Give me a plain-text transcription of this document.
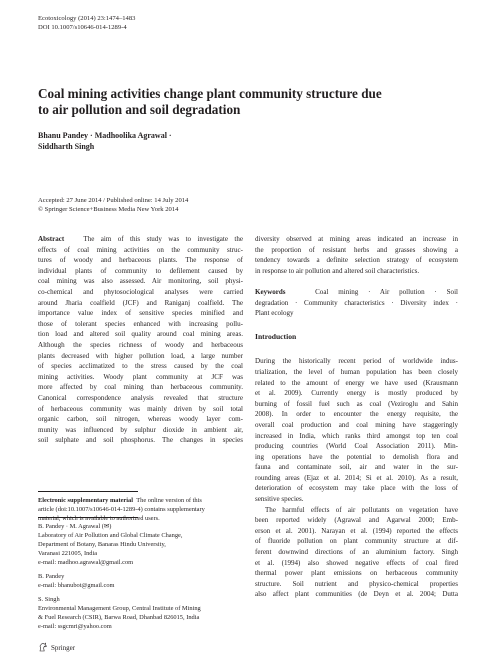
Ecotoxicology (2014) 23:1474–1483
DOI 10.1007/s10646-014-1289-4
Coal mining activities change plant community structure due
to air pollution and soil degradation
Bhanu Pandey · Madhoolika Agrawal ·
Siddharth Singh
Accepted: 27 June 2014 / Published online: 14 July 2014
© Springer Science+Business Media New York 2014
Abstract	The aim of this study was to investigate the
effects of coal mining activities on the community struc-
tures of woody and herbaceous plants. The response of
individual plants of community to defilement caused by
coal mining was also assessed. Air monitoring, soil physi-
co-chemical and phytosociological analyses were carried
around Jharia coalfield (JCF) and Raniganj coalfield. The
importance value index of sensitive species minified and
those of tolerant species enhanced with increasing pollu-
tion load and altered soil quality around coal mining areas.
Although the species richness of woody and herbaceous
plants decreased with higher pollution load, a large number
of species acclimatized to the stress caused by the coal
mining activities. Woody plant community at JCF was
more affected by coal mining than herbaceous community.
Canonical correspondence analysis revealed that structure
of herbaceous community was mainly driven by soil total
organic carbon, soil nitrogen, whereas woody layer com-
munity was influenced by sulphur dioxide in ambient air,
soil sulphate and soil phosphorus. The changes in species
Electronic supplementary material The online version of this
article (doi:10.1007/s10646-014-1289-4) contains supplementary
material, which is available to authorized users.
B. Pandey · M. Agrawal (✉)
Laboratory of Air Pollution and Global Climate Change,
Department of Botany, Banaras Hindu University,
Varanasi 221005, India
e-mail: madhoo.agrawal@gmail.com
B. Pandey
e-mail: bhanubot@gmail.com
S. Singh
Environmental Management Group, Central Institute of Mining
& Fuel Research (CSIR), Barwa Road, Dhanbad 826015, India
e-mail: ssgcmri@yahoo.com
Springer
diversity observed at mining areas indicated an increase in
the proportion of resistant herbs and grasses showing a
tendency towards a definite selection strategy of ecosystem
in response to air pollution and altered soil characteristics.
Keywords	Coal mining · Air pollution · Soil
degradation · Community characteristics · Diversity index ·
Plant ecology
Introduction
During the historically recent period of worldwide indus-
trialization, the level of human population has been closely
related to the amount of energy we have used (Krausmann
et al. 2009). Currently energy is mostly produced by
burning of fossil fuel such as coal (Veziroglu and Sahin
2008). In order to encounter the energy requisite, the
overall coal production and coal mining have staggeringly
increased in India, which ranks third amongst top ten coal
producing countries (World Coal Association 2011). Min-
ing operations have the potential to demolish flora and
fauna and contaminate soil, air and water in the sur-
rounding areas (Ejaz et al. 2014; Si et al. 2010). As a result,
deterioration of ecosystem may take place with the loss of
sensitive species.
The harmful effects of air pollutants on vegetation have
been reported widely (Agrawal and Agarwal 2000; Emb-
erson et al. 2001). Narayan et al. (1994) reported the effects
of fluoride pollution on plant community structure at dif-
ferent downwind directions of an aluminium factory. Singh
et al. (1994) also showed negative effects of coal fired
thermal power plant emissions on herbaceous community
structure. Soil nutrient and physico-chemical properties
also affect plant communities (de Deyn et al. 2004; Dutta
